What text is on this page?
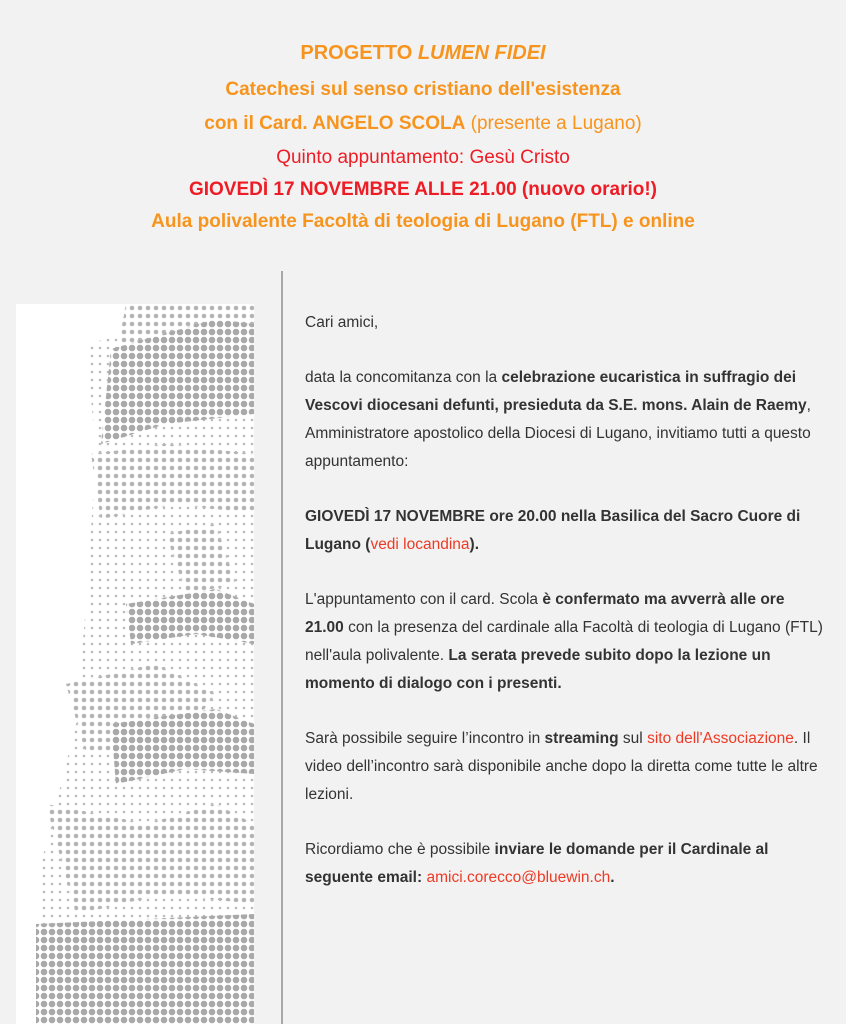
PROGETTO LUMEN FIDEI
Catechesi sul senso cristiano dell'esistenza
con il Card. ANGELO SCOLA (presente a Lugano)
Quinto appuntamento: Gesù Cristo
GIOVEDÌ 17 NOVEMBRE ALLE 21.00 (nuovo orario!)
Aula polivalente Facoltà di teologia di Lugano (FTL) e online

Cari amici,

data la concomitanza con la celebrazione eucaristica in suffragio dei Vescovi diocesani defunti, presieduta da S.E. mons. Alain de Raemy, Amministratore apostolico della Diocesi di Lugano, invitiamo tutti a questo appuntamento:

GIOVEDÌ 17 NOVEMBRE ore 20.00 nella Basilica del Sacro Cuore di Lugano (vedi locandina).

L'appuntamento con il card. Scola è confermato ma avverrà alle ore 21.00 con la presenza del cardinale alla Facoltà di teologia di Lugano (FTL) nell'aula polivalente. La serata prevede subito dopo la lezione un momento di dialogo con i presenti.

Sarà possibile seguire l’incontro in streaming sul sito dell'Associazione. Il video dell’incontro sarà disponibile anche dopo la diretta come tutte le altre lezioni.

Ricordiamo che è possibile inviare le domande per il Cardinale al seguente email: amici.corecco@bluewin.ch.
